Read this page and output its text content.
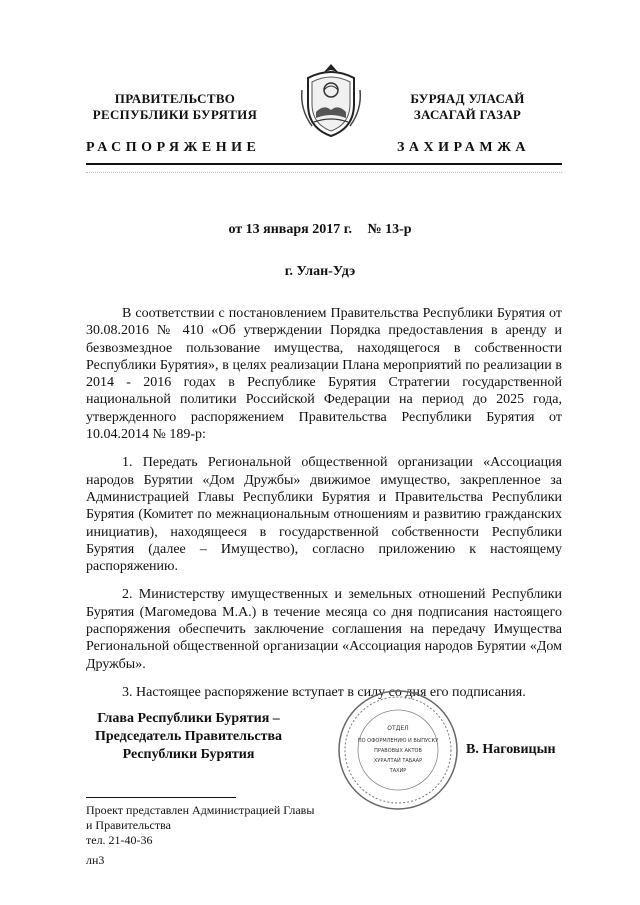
ПРАВИТЕЛЬСТВО
РЕСПУБЛИКИ БУРЯТИЯ
БУРЯАД УЛАСАЙ
ЗАСАГАЙ ГАЗАР
РАСПОРЯЖЕНИЕ	ЗАХИРАМЖА
от 13 января 2017 г. № 13-р
г. Улан-Удэ

В соответствии с постановлением Правительства Республики Бурятия от 30.08.2016 № 410 «Об утверждении Порядка предоставления в аренду и безвозмездное пользование имущества, находящегося в собственности Республики Бурятия», в целях реализации Плана мероприятий по реализации в 2014 - 2016 годах в Республике Бурятия Стратегии государственной национальной политики Российской Федерации на период до 2025 года, утвержденного распоряжением Правительства Республики Бурятия от 10.04.2014 № 189-р:

1. Передать Региональной общественной организации «Ассоциация народов Бурятии «Дом Дружбы» движимое имущество, закрепленное за Администрацией Главы Республики Бурятия и Правительства Республики Бурятия (Комитет по межнациональным отношениям и развитию гражданских инициатив), находящееся в государственной собственности Республики Бурятия (далее – Имущество), согласно приложению к настоящему распоряжению.

2. Министерству имущественных и земельных отношений Республики Бурятия (Магомедова М.А.) в течение месяца со дня подписания настоящего распоряжения обеспечить заключение соглашения на передачу Имущества Региональной общественной организации «Ассоциация народов Бурятии «Дом Дружбы».

3. Настоящее распоряжение вступает в силу со дня его подписания.

Глава Республики Бурятия –
Председатель Правительства
Республики Бурятия
ОТДЕЛ
ПО ОФОРМЛЕНИЮ И ВЫПУСКУ
ПРАВОВЫХ АКТОВ
ХУРАЛТАЙ ТАБААР
ТАХИР
В. Наговицын
Проект представлен Администрацией Главы
и Правительства
тел. 21-40-36
лн3
